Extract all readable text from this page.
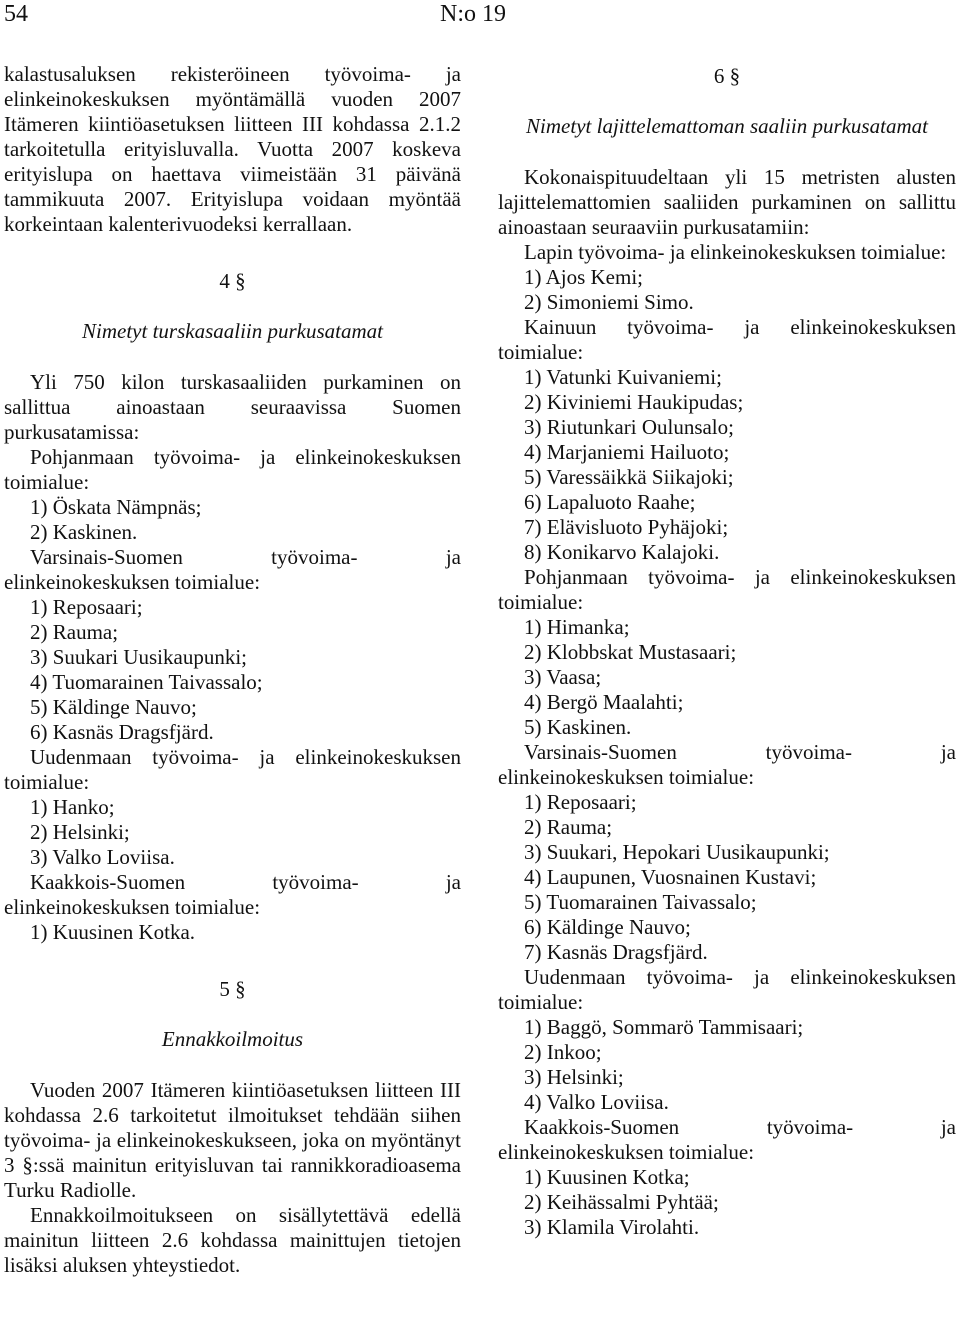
54	N:o 19

kalastusaluksen rekisteröineen työvoima- ja elinkeinokeskuksen myöntämällä vuoden 2007 Itämeren kiintiöasetuksen liitteen III kohdassa 2.1.2 tarkoitetulla erityisluvalla. Vuotta 2007 koskeva erityislupa on haettava viimeistään 31 päivänä tammikuuta 2007. Erityislupa voidaan myöntää korkeintaan kalenterivuodeksi kerrallaan.

4 §

Nimetyt turskasaaliin purkusatamat

Yli 750 kilon turskasaaliiden purkaminen on sallittua ainoastaan seuraavissa Suomen purkusatamissa:

Pohjanmaan työvoima- ja elinkeinokeskuksen toimialue:

1) Öskata Nämpnäs;

2) Kaskinen.

Varsinais-Suomen työvoima- ja elinkeinokeskuksen toimialue:

1) Reposaari;

2) Rauma;

3) Suukari Uusikaupunki;

4) Tuomarainen Taivassalo;

5) Käldinge Nauvo;

6) Kasnäs Dragsfjärd.

Uudenmaan työvoima- ja elinkeinokeskuksen toimialue:

1) Hanko;

2) Helsinki;

3) Valko Loviisa.

Kaakkois-Suomen työvoima- ja elinkeinokeskuksen toimialue:

1) Kuusinen Kotka.

5 §

Ennakkoilmoitus

Vuoden 2007 Itämeren kiintiöasetuksen liitteen III kohdassa 2.6 tarkoitetut ilmoitukset tehdään siihen työvoima- ja elinkeinokeskukseen, joka on myöntänyt 3 §:ssä mainitun erityisluvan tai rannikkoradioasema Turku Radiolle.

Ennakkoilmoitukseen on sisällytettävä edellä mainitun liitteen 2.6 kohdassa mainittujen tietojen lisäksi aluksen yhteystiedot.

6 §

Nimetyt lajittelemattoman saaliin purkusatamat

Kokonaispituudeltaan yli 15 metristen alusten lajittelemattomien saaliiden purkaminen on sallittu ainoastaan seuraaviin purkusatamiin:

Lapin työvoima- ja elinkeinokeskuksen toimialue:

1) Ajos Kemi;

2) Simoniemi Simo.

Kainuun työvoima- ja elinkeinokeskuksen toimialue:

1) Vatunki Kuivaniemi;

2) Kiviniemi Haukipudas;

3) Riutunkari Oulunsalo;

4) Marjaniemi Hailuoto;

5) Varessäikkä Siikajoki;

6) Lapaluoto Raahe;

7) Elävisluoto Pyhäjoki;

8) Konikarvo Kalajoki.

Pohjanmaan työvoima- ja elinkeinokeskuksen toimialue:

1) Himanka;

2) Klobbskat Mustasaari;

3) Vaasa;

4) Bergö Maalahti;

5) Kaskinen.

Varsinais-Suomen työvoima- ja elinkeinokeskuksen toimialue:

1) Reposaari;

2) Rauma;

3) Suukari, Hepokari Uusikaupunki;

4) Laupunen, Vuosnainen Kustavi;

5) Tuomarainen Taivassalo;

6) Käldinge Nauvo;

7) Kasnäs Dragsfjärd.

Uudenmaan työvoima- ja elinkeinokeskuksen toimialue:

1) Baggö, Sommarö Tammisaari;

2) Inkoo;

3) Helsinki;

4) Valko Loviisa.

Kaakkois-Suomen työvoima- ja elinkeinokeskuksen toimialue:

1) Kuusinen Kotka;

2) Keihässalmi Pyhtää;

3) Klamila Virolahti.
